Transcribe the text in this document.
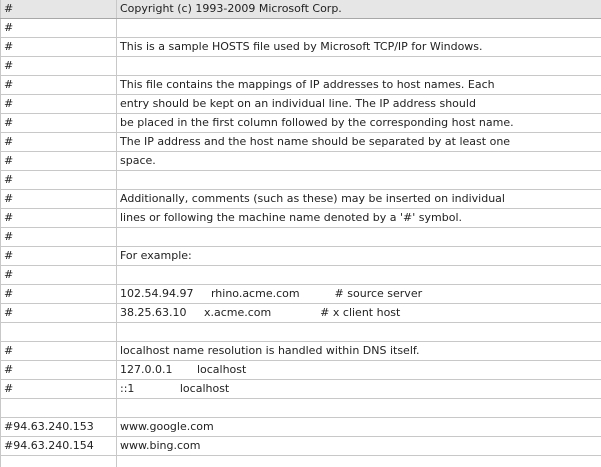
#	Copyright (c) 1993-2009 Microsoft Corp.
#	
#	This is a sample HOSTS file used by Microsoft TCP/IP for Windows.
#	
#	This file contains the mappings of IP addresses to host names. Each
#	entry should be kept on an individual line. The IP address should
#	be placed in the first column followed by the corresponding host name.
#	The IP address and the host name should be separated by at least one
#	space.
#	
#	Additionally, comments (such as these) may be inserted on individual
#	lines or following the machine name denoted by a '#' symbol.
#	
#	For example:
#	
#	102.54.94.97     rhino.acme.com          # source server
#	38.25.63.10     x.acme.com              # x client host

#	localhost name resolution is handled within DNS itself.
#	127.0.0.1       localhost
#	::1             localhost

#94.63.240.153	www.google.com
#94.63.240.154	www.bing.com
